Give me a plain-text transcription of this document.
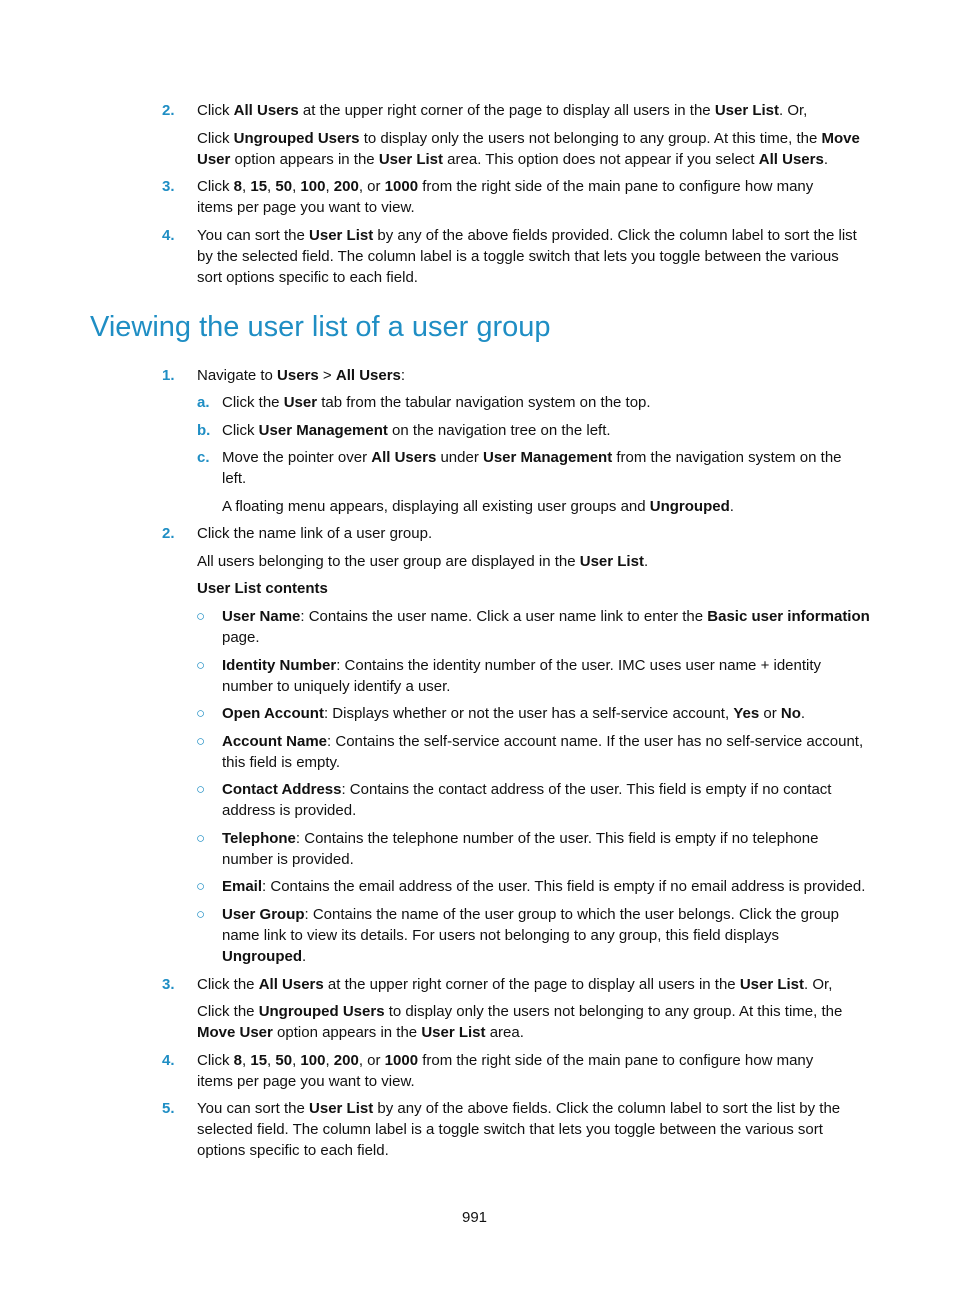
2. Click All Users at the upper right corner of the page to display all users in the User List. Or,
Click Ungrouped Users to display only the users not belonging to any group. At this time, the Move
User option appears in the User List area. This option does not appear if you select All Users.
3. Click 8, 15, 50, 100, 200, or 1000 from the right side of the main pane to configure how many
items per page you want to view.
4. You can sort the User List by any of the above fields provided. Click the column label to sort the list
by the selected field. The column label is a toggle switch that lets you toggle between the various
sort options specific to each field.
Viewing the user list of a user group
1. Navigate to Users > All Users:
a. Click the User tab from the tabular navigation system on the top.
b. Click User Management on the navigation tree on the left.
c. Move the pointer over All Users under User Management from the navigation system on the
left.
A floating menu appears, displaying all existing user groups and Ungrouped.
2. Click the name link of a user group.
All users belonging to the user group are displayed in the User List.
User List contents
○ User Name: Contains the user name. Click a user name link to enter the Basic user information
page.
○ Identity Number: Contains the identity number of the user. IMC uses user name + identity
number to uniquely identify a user.
○ Open Account: Displays whether or not the user has a self-service account, Yes or No.
○ Account Name: Contains the self-service account name. If the user has no self-service account,
this field is empty.
○ Contact Address: Contains the contact address of the user. This field is empty if no contact
address is provided.
○ Telephone: Contains the telephone number of the user. This field is empty if no telephone
number is provided.
○ Email: Contains the email address of the user. This field is empty if no email address is provided.
○ User Group: Contains the name of the user group to which the user belongs. Click the group
name link to view its details. For users not belonging to any group, this field displays
Ungrouped.
3. Click the All Users at the upper right corner of the page to display all users in the User List. Or,
Click the Ungrouped Users to display only the users not belonging to any group. At this time, the
Move User option appears in the User List area.
4. Click 8, 15, 50, 100, 200, or 1000 from the right side of the main pane to configure how many
items per page you want to view.
5. You can sort the User List by any of the above fields. Click the column label to sort the list by the
selected field. The column label is a toggle switch that lets you toggle between the various sort
options specific to each field.
991
